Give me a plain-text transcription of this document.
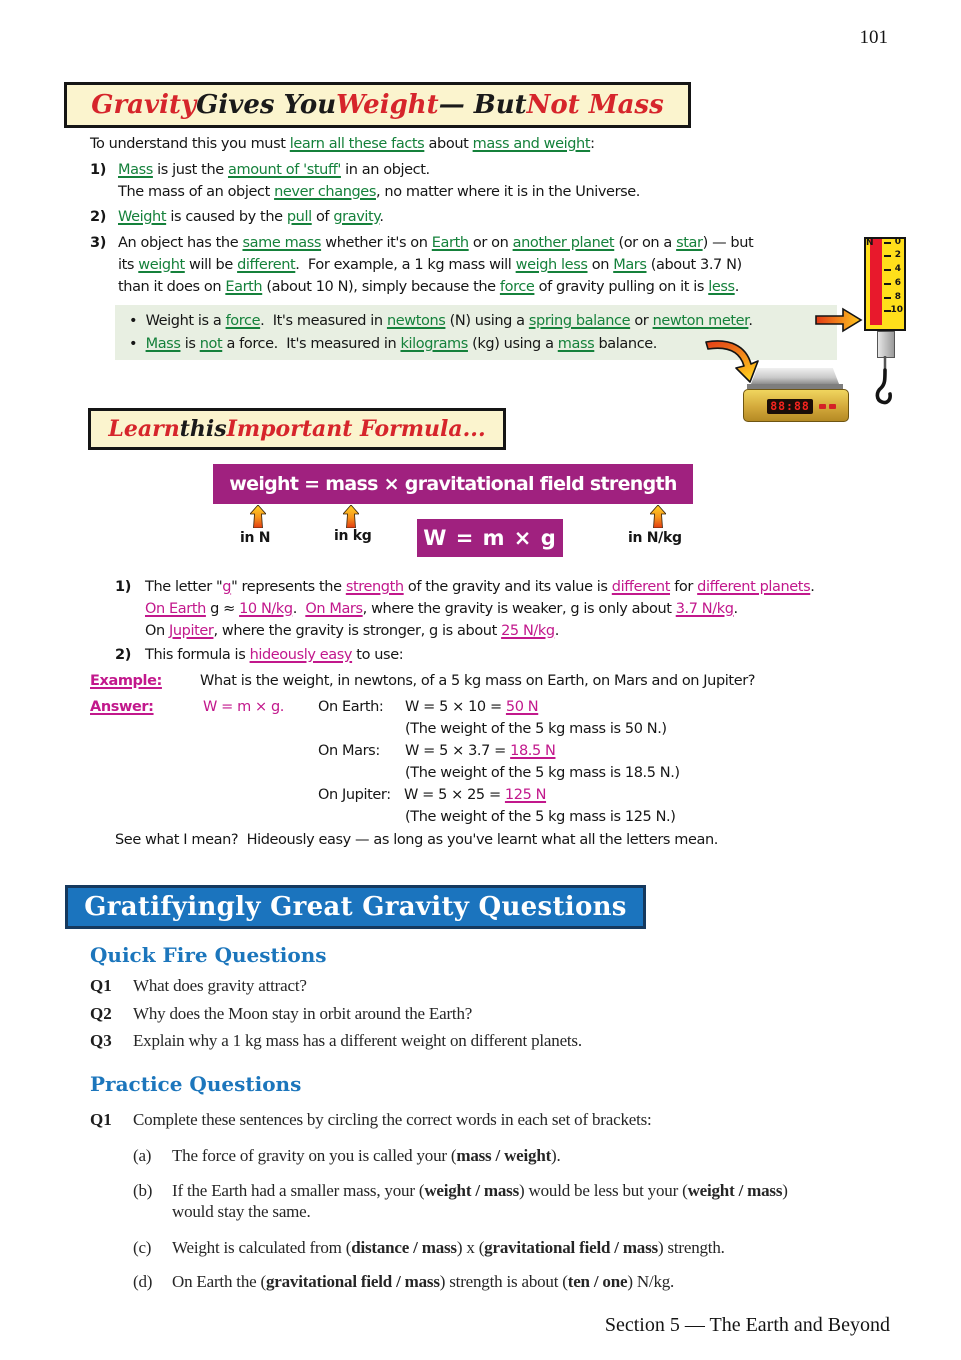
101
Gravity Gives You Weight — But Not Mass
To understand this you must learn all these facts about mass and weight:
1) Mass is just the amount of 'stuff' in an object.
The mass of an object never changes, no matter where it is in the Universe.
2) Weight is caused by the pull of gravity.
3) An object has the same mass whether it's on Earth or on another planet (or on a star) — but
its weight will be different.  For example, a 1 kg mass will weigh less on Mars (about 3.7 N)
than it does on Earth (about 10 N), simply because the force of gravity pulling on it is less.
•  Weight is a force.  It's measured in newtons (N) using a spring balance or newton meter.
•  Mass is not a force.  It's measured in kilograms (kg) using a mass balance.
N 0
2
4
6
8
10
88:88
Learn this Important Formula...
weight = mass × gravitational field strength
in N	in kg	in N/kg
W = m × g
1) The letter "g" represents the strength of the gravity and its value is different for different planets.
On Earth g ≈ 10 N/kg.  On Mars, where the gravity is weaker, g is only about 3.7 N/kg.
On Jupiter, where the gravity is stronger, g is about 25 N/kg.
2) This formula is hideously easy to use:
Example:	What is the weight, in newtons, of a 5 kg mass on Earth, on Mars and on Jupiter?
Answer:	W = m × g. On Earth: W = 5 × 10 = 50 N
(The weight of the 5 kg mass is 50 N.)
On Mars: W = 5 × 3.7 = 18.5 N
(The weight of the 5 kg mass is 18.5 N.)
On Jupiter: W = 5 × 25 = 125 N
(The weight of the 5 kg mass is 125 N.)
See what I mean?  Hideously easy — as long as you've learnt what all the letters mean.
Gratifyingly Great Gravity Questions
Quick Fire Questions
Q1 What does gravity attract?
Q2 Why does the Moon stay in orbit around the Earth?
Q3 Explain why a 1 kg mass has a different weight on different planets.
Practice Questions
Q1 Complete these sentences by circling the correct words in each set of brackets:
(a) The force of gravity on you is called your (mass / weight).
(b) If the Earth had a smaller mass, your (weight / mass) would be less but your (weight / mass)
would stay the same.
(c) Weight is calculated from (distance / mass) x (gravitational field / mass) strength.
(d) On Earth the (gravitational field / mass) strength is about (ten / one) N/kg.
Section 5 — The Earth and Beyond
